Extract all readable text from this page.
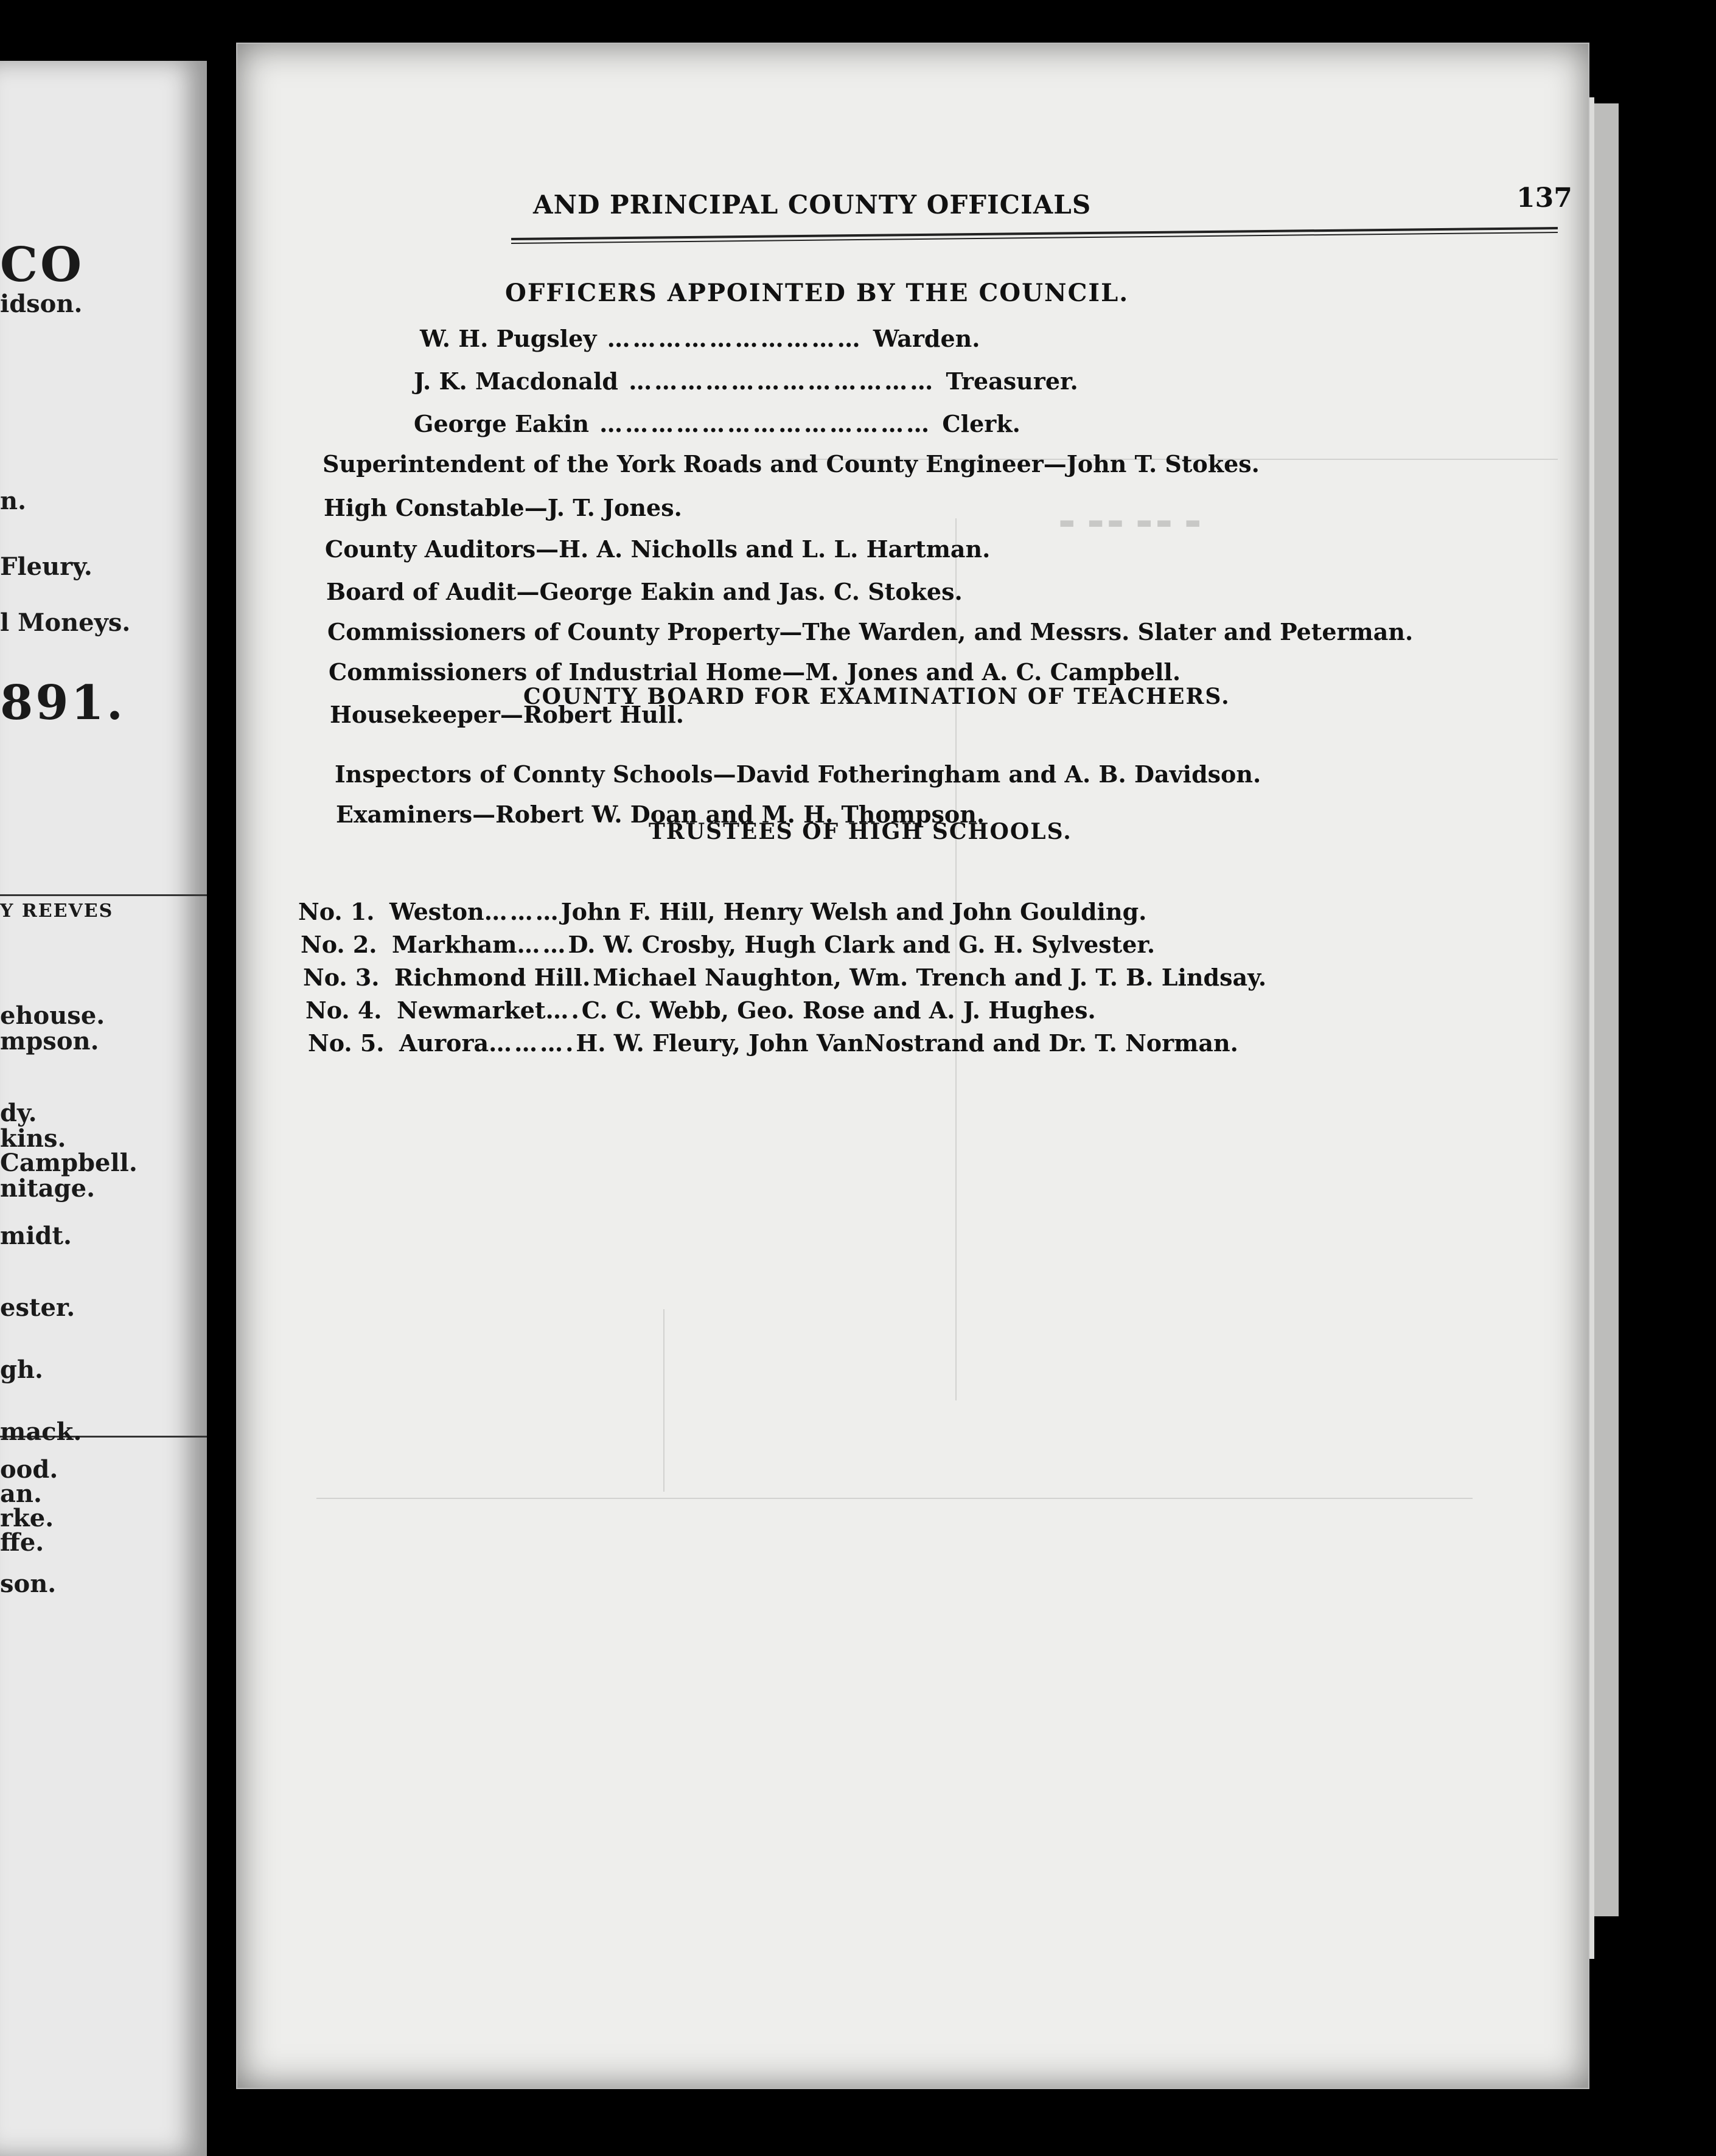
CO
idson.
n.
Fleury.
l Moneys.
891.
Y REEVES
ehouse.
mpson.
dy.
kins.
Campbell.
nitage.
midt.
ester.
gh.
mack.
ood.
an.
rke.
ffe.
son.
▬ ▬▬ ▬▬ ▬
AND PRINCIPAL COUNTY OFFICIALS	137
OFFICERS APPOINTED BY THE COUNCIL.
W. H. Pugsley ………………………… Warden.
J. K. Macdonald ……………………………… Treasurer.
George Eakin ………………………………… Clerk.
Superintendent of the York Roads and County Engineer—John T. Stokes.
High Constable—J. T. Jones.
County Auditors—H. A. Nicholls and L. L. Hartman.
Board of Audit—George Eakin and Jas. C. Stokes.
Commissioners of County Property—The Warden, and Messrs. Slater and Peterman.
Commissioners of Industrial Home—M. Jones and A. C. Campbell.
Housekeeper—Robert Hull.
COUNTY BOARD FOR EXAMINATION OF TEACHERS.
Inspectors of Connty Schools—David Fotheringham and A. B. Davidson.
Examiners—Robert W. Doan and M. H. Thompson.
TRUSTEES OF HIGH SCHOOLS.
No. 1. Weston………John F. Hill, Henry Welsh and John Goulding.
No. 2. Markham……D. W. Crosby, Hugh Clark and G. H. Sylvester.
No. 3. Richmond Hill.Michael Naughton, Wm. Trench and J. T. B. Lindsay.
No. 4. Newmarket….C. C. Webb, Geo. Rose and A. J. Hughes.
No. 5. Aurora……….H. W. Fleury, John VanNostrand and Dr. T. Norman.
